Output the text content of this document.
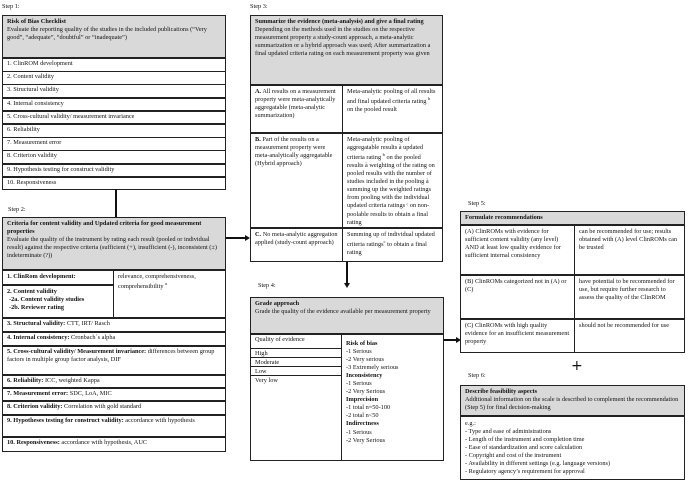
Step 1:
Risk of Bias Checklist
Evaluate the reporting quality of the studies in the included publications (“Very good”, “adequate”, “doubtful” or “inadequate”)
1. ClinROM development
2. Content validity
3. Structural validity
4. Internal consistency
5. Cross-cultural validity/ measurement invariance
6. Reliability
7. Measurement error
8. Criterion validity
9. Hypothesis testing for construct validity
10. Responsiveness
Step 2:
Criteria for content validity and Updated criteria for good measurement properties
Evaluate the quality of the instrument by rating each result (pooled or individual result) against the respective criteria (sufficient (+), insufficient (-), inconsistent (±) indeterminate (?))
1. ClinRom development:
2. Content validity
-2a. Content validity studies
-2b. Reviewer rating
relevance, comprehensiveness, comprehensibility $^a$
3. Structural validity: CTT, IRT/ Rasch
4. Internal consistency: Cronbach´s alpha
5. Cross-cultural validity/ Measurement invariance: differences between group factors in multiple group factor analysis, DIF
6. Reliability: ICC, weighted Kappa
7. Measurement error: SDC, LoA, MIC
8. Criterion validity: Correlation with gold standard
9. Hypotheses testing for construct validity: accordance with hypothesis
10. Responsiveness: accordance with hypothesis, AUC
Step 3:
Summarize the evidence (meta-analysis) and give a final rating
Depending on the methods used in the studies on the respective measurement property a study-count approach, a meta-analytic summarization or a hybrid approach was used; After summarization a final updated criteria rating on each measurement property was given
A. All results on a measurement property were meta-analytically aggregatable (meta-analytic summarization)
Meta-analytic pooling of all results and final updated criteria rating $^b$ on the pooled result
B. Part of the results on a measurement property were meta-analytically aggregatable (Hybrid approach)
Meta-analytic pooling of aggregatable results à updated criteria rating $^b$ on the pooled results à weighting of the rating on pooled results with the number of studies included in the pooling à summing up the weighted ratings from pooling with the individual updated criteria ratings ᶜ on non-poolable results to obtain a final rating
C. No meta-analytic aggregation applied (study-count approach)
Summing up of individual updated criteria ratings$^c$ to obtain a final rating
Step 4:
Grade approach
Grade the quality of the evidence available per measurement property
Quality of evidence
High
Moderate
Low
Very low
Risk of bias
-1 Serious
-2 Very serious
-3 Extremely serious
Inconsistency
-1 Serious
-2 Very Serious
Imprecision
-1 total n=50-100
-2 total n<50
Indirectness
-1 Serious
-2 Very Serious
Step 5:
Formulate recommendations
(A) ClinROMs with evidence for sufficient content validity (any level) AND at least low quality evidence for sufficient internal consistency
can be recommended for use; results obtained with (A) level ClinROMs can be trusted
(B) ClinROMs categorized not in (A) or (C)
have potential to be recommended for use, but require further research to assess the quality of the ClinROM
(C) ClinROMs with high quality evidence for an insufficient measurement property
should not be recommended for use
+
Step 6:
Describe feasibility aspects
Additional information on the scale is described to complement the recommendation (Step 5) for final decision-making
e.g.:
- Type and ease of administrations
- Length of the instrument and completion time
- Ease of standardization and score calculation
- Copyright and cost of the instrument
- Availability in different settings (e.g. language versions)
- Regulatory agency’s requirement for approval
